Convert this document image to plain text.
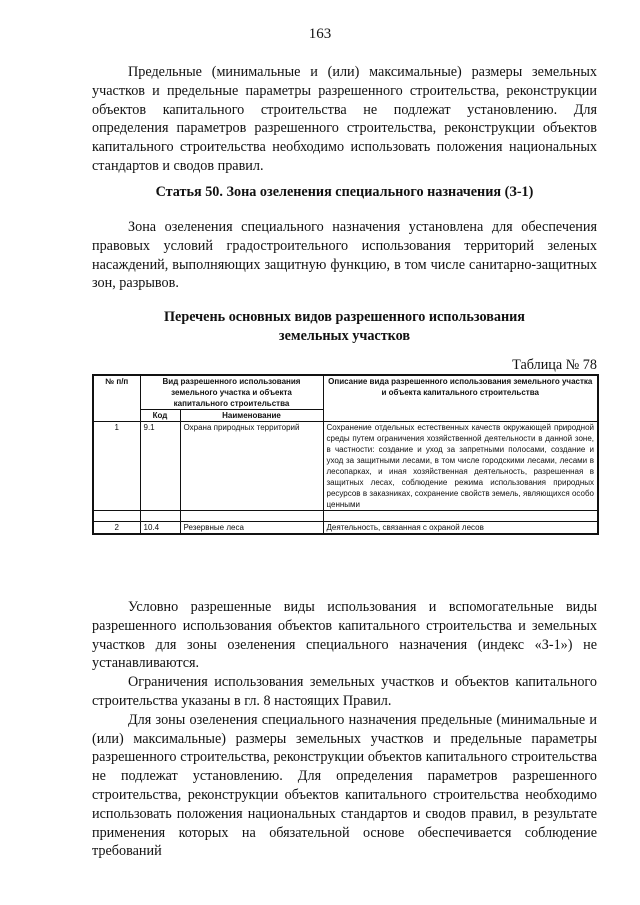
163

Предельные (минимальные и (или) максимальные) размеры земельных участков и предельные параметры разрешенного строительства, реконструкции объектов капитального строительства не подлежат установлению. Для определения параметров разрешенного строительства, реконструкции объектов капитального строительства необходимо использовать положения национальных стандартов и сводов правил.

Статья 50. Зона озеленения специального назначения (З-1)

Зона озеленения специального назначения установлена для обеспечения правовых условий градостроительного использования территорий зеленых насаждений, выполняющих защитную функцию, в том числе санитарно-защитных зон, разрывов.

Перечень основных видов разрешенного использования

земельных участков

Таблица № 78
№ п/п	Вид разрешенного использования земельного участка и объекта капитального строительства		Описание вида разрешенного использования земельного участка и объекта капитального строительства
	Код	Наименование	
1	9.1	Охрана природных территорий	Сохранение отдельных естественных качеств окружающей природной среды путем ограничения хозяйственной деятельности в данной зоне, в частности: создание и уход за запретными полосами, создание и уход за защитными лесами, в том числе городскими лесами, лесами в лесопарках, и иная хозяйственная деятельность, разрешенная в защитных лесах, соблюдение режима использования природных ресурсов в заказниках, сохранение свойств земель, являющихся особо ценными

2	10.4	Резервные леса	Деятельность, связанная с охраной лесов

Условно разрешенные виды использования и вспомогательные виды разрешенного использования объектов капитального строительства и земельных участков для зоны озеленения специального назначения (индекс «З-1») не устанавливаются.

Ограничения использования земельных участков и объектов капитального строительства указаны в гл. 8 настоящих Правил.

Для зоны озеленения специального назначения предельные (минимальные и (или) максимальные) размеры земельных участков и предельные параметры разрешенного строительства, реконструкции объектов капитального строительства не подлежат установлению. Для определения параметров разрешенного строительства, реконструкции объектов капитального строительства необходимо использовать положения национальных стандартов и сводов правил, в результате применения которых на обязательной основе обеспечивается соблюдение требований
